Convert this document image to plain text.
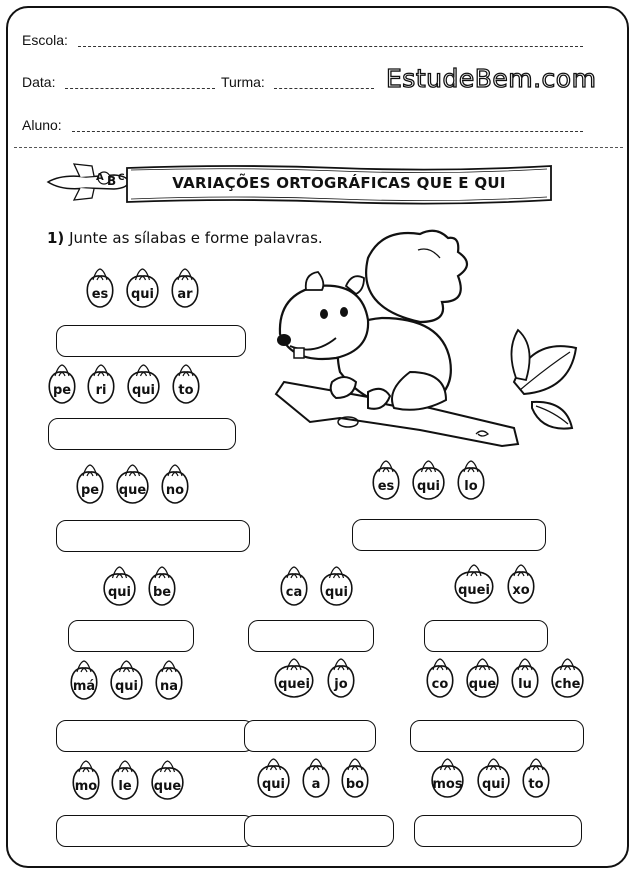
Escola:
Data:	Turma:	EstudeBem.com
Aluno:
A B C	VARIAÇÕES ORTOGRÁFICAS QUE E QUI
1) Junte as sílabas e forme palavras.
es	qui	ar
pe	ri	qui	to
pe	que	no	es	qui	lo
qui	be	ca	qui	quei	xo
má	qui	na	quei	jo	co	que	lu	che
mo	le	que	qui	a	bo	mos	qui	to
